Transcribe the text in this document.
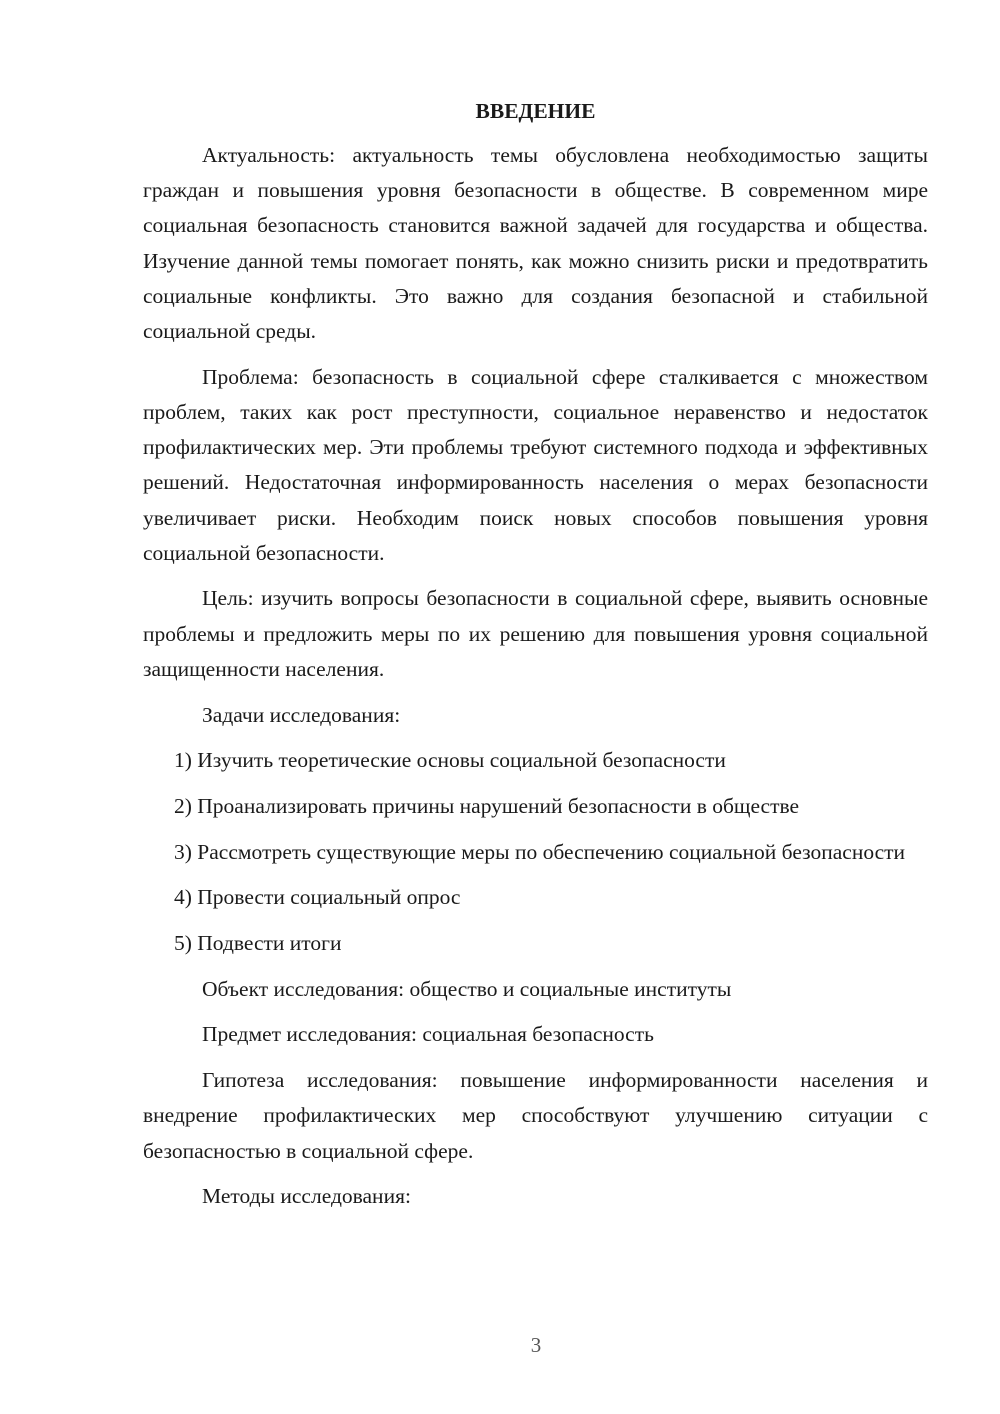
ВВЕДЕНИЕ

Актуальность: актуальность темы обусловлена необходимостью защиты граждан и повышения уровня безопасности в обществе. В современном мире социальная безопасность становится важной задачей для государства и общества. Изучение данной темы помогает понять, как можно снизить риски и предотвратить социальные конфликты. Это важно для создания безопасной и стабильной социальной среды.

Проблема: безопасность в социальной сфере сталкивается с множеством проблем, таких как рост преступности, социальное неравенство и недостаток профилактических мер. Эти проблемы требуют системного подхода и эффективных решений. Недостаточная информированность населения о мерах безопасности увеличивает риски. Необходим поиск новых способов повышения уровня социальной безопасности.

Цель: изучить вопросы безопасности в социальной сфере, выявить основные проблемы и предложить меры по их решению для повышения уровня социальной защищенности населения.

Задачи исследования:

1) Изучить теоретические основы социальной безопасности

2) Проанализировать причины нарушений безопасности в обществе

3) Рассмотреть существующие меры по обеспечению социальной безопасности

4) Провести социальный опрос

5) Подвести итоги

Объект исследования: общество и социальные институты

Предмет исследования: социальная безопасность

Гипотеза исследования: повышение информированности населения и внедрение профилактических мер способствуют улучшению ситуации с безопасностью в социальной сфере.

Методы исследования:

3
